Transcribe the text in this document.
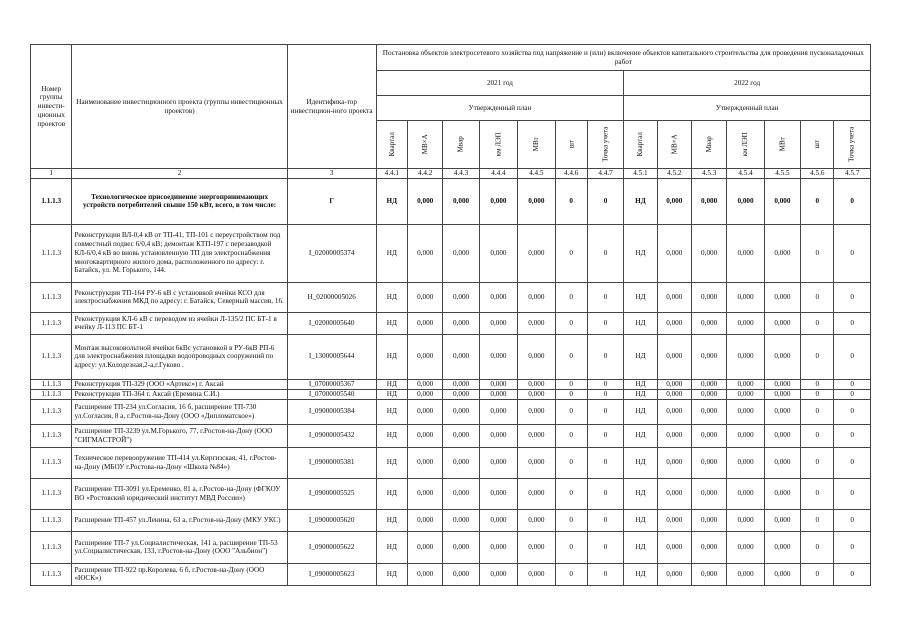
Номер группы инвести-ционных проектов	Наименование инвестиционного проекта (группы инвестиционных проектов)	Идентифика-тор инвестицион-ного проекта	Постановка объектов электросетевого хозяйства под напряжение и (или) включение объектов капитального строительства для проведения пусконаладочных работ													
			2021 год							2022 год						
			Утвержденный план							Утвержденный план						

			Квартал	МВ×А	Мвар	км ЛЭП	МВт	шт	Точка учета	Квартал	МВ×А	Мвар	км ЛЭП	МВт	шт	Точка учета

1	2	3	4.4.1	4.4.2	4.4.3	4.4.4	4.4.5	4.4.6	4.4.7	4.5.1	4.5.2	4.5.3	4.5.4	4.5.5	4.5.6	4.5.7
1.1.1.3	Технологическое присоединение энергопринимающих устройств потребителей свыше 150 кВт, всего, в том числе:	Г	НД	0,000	0,000	0,000	0,000	0	0	НД	0,000	0,000	0,000	0,000	0	0
1.1.1.3	Реконструкция ВЛ-0,4 кВ от ТП-41, ТП-101 с переустройством под совместный подвес 6/0,4 кВ; демонтаж КТП-197 с перезаводкой КЛ-6/0,4 кВ во вновь установленную ТП для электроснабжения многоквартирного жилого дома, расположенного по адресу: г. Батайск, ул. М. Горького, 144.	I_02000005374	НД	0,000	0,000	0,000	0,000	0	0	НД	0,000	0,000	0,000	0,000	0	0
1.1.1.3	Реконструкция ТП-164 РУ-6 кВ с установкой ячейки КСО для электроснабжения МКД по адресу: г. Батайск, Северный массив, 16.	H_02000005026	НД	0,000	0,000	0,000	0,000	0	0	НД	0,000	0,000	0,000	0,000	0	0
1.1.1.3	Реконструкция КЛ-6 кВ с переводом из ячейки Л-135/2 ПС БТ-1 в ячейку Л-113 ПС БТ-1	I_02000005640	НД	0,000	0,000	0,000	0,000	0	0	НД	0,000	0,000	0,000	0,000	0	0
1.1.1.3	Монтаж высоковольтной ячейки 6кВс установкой в РУ-6кВ РП-6 для электроснабжения площадки водопроводных сооружений по адресу: ул.Колодезная,2-а,г.Гуково .	I_13000005644	НД	0,000	0,000	0,000	0,000	0	0	НД	0,000	0,000	0,000	0,000	0	0
1.1.1.3	Реконструкция ТП-329 (ООО «Артекс») г. Аксай	I_07000005367	НД	0,000	0,000	0,000	0,000	0	0	НД	0,000	0,000	0,000	0,000	0	0
1.1.1.3	Реконструкция ТП-364 г. Аксай (Еремина С.И.)	I_07000005540	НД	0,000	0,000	0,000	0,000	0	0	НД	0,000	0,000	0,000	0,000	0	0
1.1.1.3	Расширение ТП-234 ул.Согласия, 16 б, расширение ТП-730 ул.Согласия, 8 а, г.Ростов-на-Дону (ООО «Дипломатское»)	I_09000005384	НД	0,000	0,000	0,000	0,000	0	0	НД	0,000	0,000	0,000	0,000	0	0
1.1.1.3	Расширение ТП-3239 ул.М.Горького, 77, г.Ростов-на-Дону (ООО "СИГМАСТРОЙ")	I_09000005432	НД	0,000	0,000	0,000	0,000	0	0	НД	0,000	0,000	0,000	0,000	0	0
1.1.1.3	Техническое перевооружение ТП-414 ул.Киргизская, 41, г.Ростов-на-Дону (МБОУ г.Ростова-на-Дону «Школа №84»)	I_09000005381	НД	0,000	0,000	0,000	0,000	0	0	НД	0,000	0,000	0,000	0,000	0	0
1.1.1.3	Расширение ТП-3091 ул.Еременко, 81 а, г.Ростов-на-Дону (ФГКОУ ВО «Ростовский юридический институт МВД России»)	I_09000005525	НД	0,000	0,000	0,000	0,000	0	0	НД	0,000	0,000	0,000	0,000	0	0
1.1.1.3	Расширение ТП-457 ул.Ленина, 63 а, г.Ростов-на-Дону (МКУ УКС)	I_09000005620	НД	0,000	0,000	0,000	0,000	0	0	НД	0,000	0,000	0,000	0,000	0	0
1.1.1.3	Расширение ТП-7 ул.Социалистическая, 141 а, расширение ТП-53 ул.Социалистическая, 133, г.Ростов-на-Дону (ООО "Альбион")	I_09000005622	НД	0,000	0,000	0,000	0,000	0	0	НД	0,000	0,000	0,000	0,000	0	0
1.1.1.3	Расширение ТП-922 пр.Королева, 6 б, г.Ростов-на-Дону (ООО «ЮСК»)	I_09000005623	НД	0,000	0,000	0,000	0,000	0	0	НД	0,000	0,000	0,000	0,000	0	0
